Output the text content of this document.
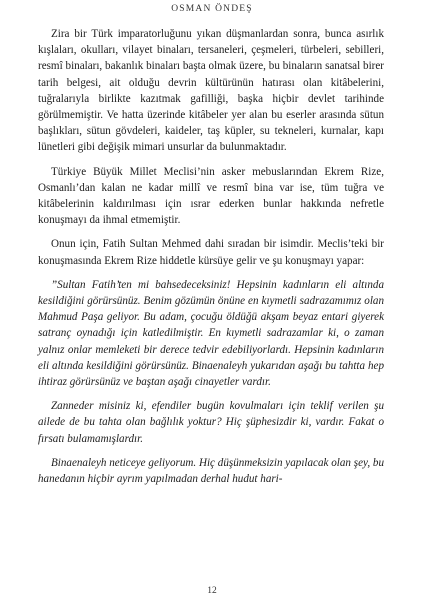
OSMAN ÖNDEŞ

Zira bir Türk imparatorluğunu yıkan düşmanlardan sonra, bunca asırlık kışlaları, okulları, vilayet binaları, tersaneleri, çeşmeleri, türbeleri, sebilleri, resmî binaları, bakanlık binaları başta olmak üzere, bu binaların sanatsal birer tarih belgesi, ait olduğu devrin kültürünün hatırası olan kitâbelerini, tuğralarıyla birlikte kazıtmak gafilliği, başka hiçbir devlet tarihinde görülmemiştir. Ve hatta üzerinde kitâbeler yer alan bu eserler arasında sütun başlıkları, sütun gövdeleri, kaideler, taş küpler, su tekneleri, kurnalar, kapı lünetleri gibi değişik mimari unsurlar da bulunmaktadır.

Türkiye Büyük Millet Meclisi’nin asker mebuslarından Ekrem Rize, Osmanlı’dan kalan ne kadar millî ve resmî bina var ise, tüm tuğra ve kitâbelerinin kaldırılması için ısrar ederken bunlar hakkında nefretle konuşmayı da ihmal etmemiştir.

Onun için, Fatih Sultan Mehmed dahi sıradan bir isimdir. Meclis’teki bir konuşmasında Ekrem Rize hiddetle kürsüye gelir ve şu konuşmayı yapar:

”Sultan Fatih’ten mi bahsedeceksiniz! Hepsinin kadınların eli altında kesildiğini görürsünüz. Benim gözümün önüne en kıymetli sadrazamımız olan Mahmud Paşa geliyor. Bu adam, çocuğu öldüğü akşam beyaz entari giyerek satranç oynadığı için katledilmiştir. En kıymetli sadrazamlar ki, o zaman yalnız onlar memleketi bir derece tedvir edebiliyorlardı. Hepsinin kadınların eli altında kesildiğini görürsünüz. Binaenaleyh yukarıdan aşağı bu tahtta hep ihtiraz görürsünüz ve baştan aşağı cinayetler vardır.

Zanneder misiniz ki, efendiler bugün kovulmaları için teklif verilen şu ailede de bu tahta olan bağlılık yoktur? Hiç şüphesizdir ki, vardır. Fakat o fırsatı bulamamışlardır.

Binaenaleyh neticeye geliyorum. Hiç düşünmeksizin yapılacak olan şey, bu hanedanın hiçbir ayrım yapılmadan derhal hudut hari-

12
